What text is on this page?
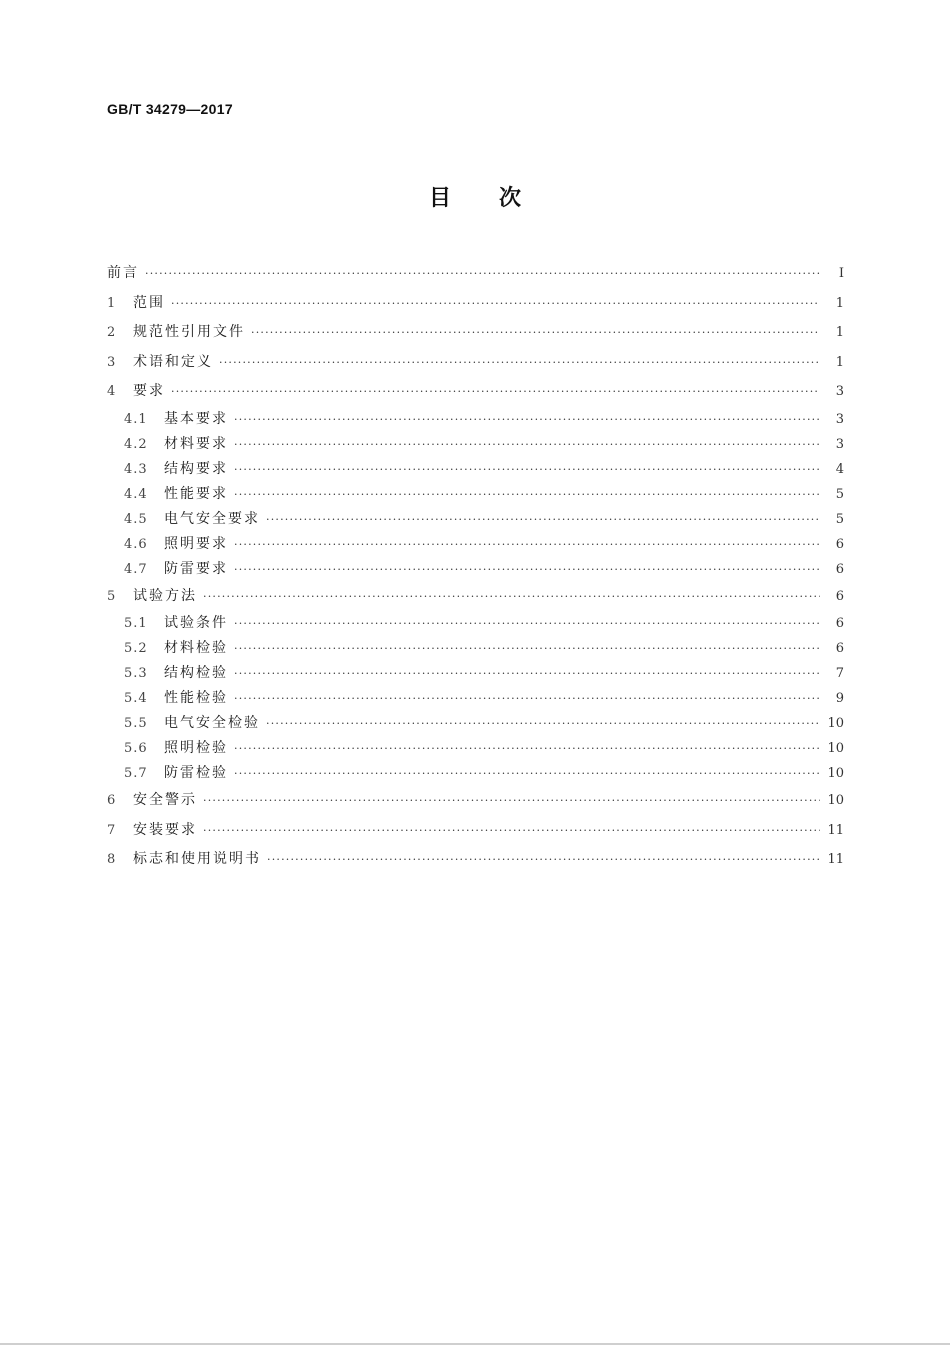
GB/T 34279—2017
目次
前言 ·····	Ⅰ
1	范围 ·····	1
2	规范性引用文件 ·····	1
3	术语和定义 ·····	1
4	要求 ·····	3
4.1	基本要求 ·····	3
4.2	材料要求 ·····	3
4.3	结构要求 ·····	4
4.4	性能要求 ·····	5
4.5	电气安全要求 ·····	5
4.6	照明要求 ·····	6
4.7	防雷要求 ·····	6
5	试验方法 ·····	6
5.1	试验条件 ·····	6
5.2	材料检验 ·····	6
5.3	结构检验 ·····	7
5.4	性能检验 ·····	9
5.5	电气安全检验 ·····	10
5.6	照明检验 ·····	10
5.7	防雷检验 ·····	10
6	安全警示 ·····	10
7	安装要求 ·····	11
8	标志和使用说明书 ·····	11
